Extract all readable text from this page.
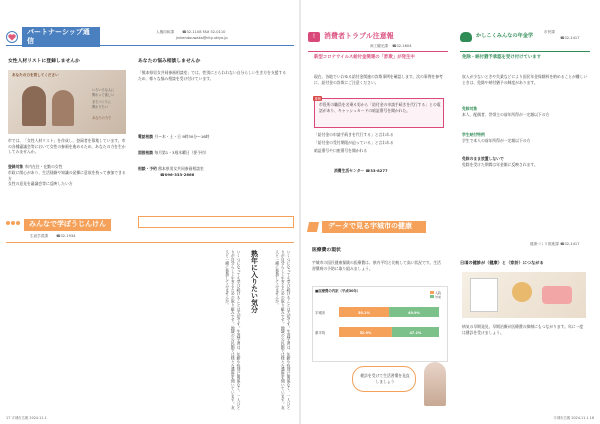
パートナーシップ通信
人権同和課 ☎32-1108 FAX 32-0110
jinkendouwaka@city.ukiyo.jp
女性人材リストに登録しませんか
あなたの力を貸してください
いろいろな人に
関わって欲しい
まちづくりに
関わりたい
あなたの力で
市では、「女性人材リスト」を作成し、登録者を募集しています。市の各種審議会等において女性の参画を進めるため、あなたの力を生かしてみませんか。
登録対象 市内在住・在勤の女性
市政に関心があり、生活経験や知識の発揮に意欲を持って参加できる方
女性の意見を審議会等に反映したい方
あなたの悩み相談しませんか
「熊本県男女共同参画相談室」では、性別にとらわれない自分らしい生き方を支援するため、様々な悩み相談を受け付けています。
電話相談 月～木・土・日 9時30分～16時
面接相談 毎月第1・3週木曜日（要予約）
相談・予約 熊本県男女共同参画相談室
☎096-333-2666
みんなで学ぼうじんけん
生涯学習課 ☎32-1934
熟年に入りたい気分
いくつになっても学び続けることは大切です。生涯学習は、年齢や性別に関係なく、一人ひとりが自分らしく生きるための取り組みです。地域の公民館では様々な講座を開いています。友人と一緒に参加してみませんか。	いくつになっても学び続けることは大切です。生涯学習は、年齢や性別に関係なく、一人ひとりが自分らしく生きるための取り組みです。地域の公民館では様々な講座を開いています。友人と一緒に参加してみませんか。
17 宇城市広報 2024.11.1
!	消費者トラブル注意報
商工観光課 ☎32-1604
新型コロナウイルス給付金関連の「詐欺」が発生中
現在、各地でいわゆる給付金関連の詐欺事例を確認します。次の事例を参考に、給付金の詐欺にご注意ください。
事例
市役所の職員を名乗る男から「給付金の申請手続きを代行する」との電話があり、キャッシュカードの暗証番号を聞かれた。
「給付金の申請手続きを代行する」と言われる
「給付金の受付期限が迫っている」と言われる
暗証番号や口座番号を聞かれる
消費生活センター ☎33-8277
かしこくみんなの年金学
市民課
☎32-1417
免除・納付猶予承認を受け付けています
収入が少ないときや失業などにより国民年金保険料を納めることが難しいときは、免除や納付猶予の制度があります。
免除対象
本人、配偶者、世帯主の前年所得が一定額以下の方
学生納付特例
学生で本人の前年所得が一定額以下の方
免除のまま放置しないで
免除を受けた期間は年金額に反映されます。
データで見る宇城市の健康
健康づくり推進課 ☎32-1417
医療費の現状
宇城市の国民健康保険の医療費は、県内平均と比較して高い状況です。生活習慣病の予防に取り組みましょう。
■医療費の内訳（平成30年）	入院
外来
宇城市	50.1%	49.9%
県平均	52.9%	47.1%
健診を受けて生活習慣を見直しましょう
日頃の健診が（健康）と（家計）につながる
病気の早期発見、早期治療が医療費の抑制にもつながります。年に一度は健診を受けましょう。
宇城市広報 2024.11.1 18
